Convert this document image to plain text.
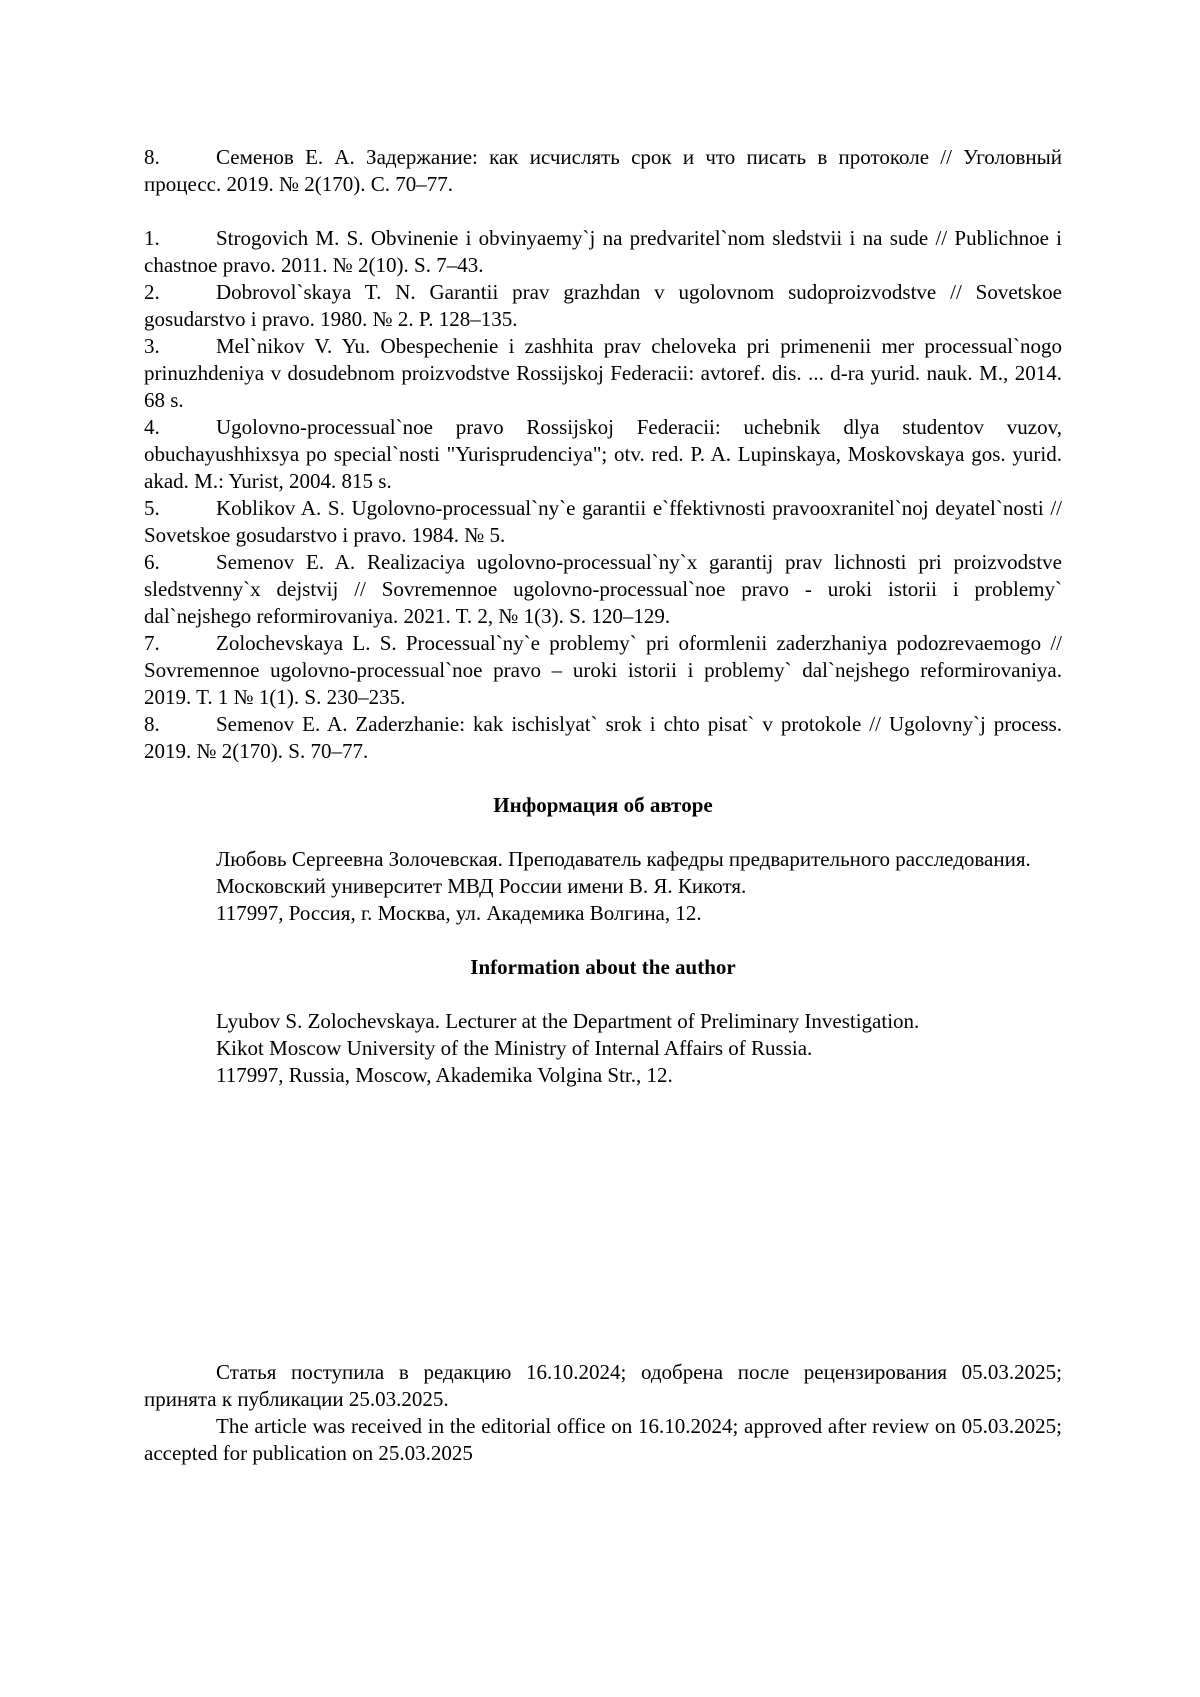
8.	Семенов Е. А. Задержание: как исчислять срок и что писать в протоколе // Уголовный процесс. 2019. № 2(170). С. 70–77.

1.	Strogovich M. S. Obvinenie i obvinyaemy`j na predvaritel`nom sledstvii i na sude // Publichnoe i chastnoe pravo. 2011. № 2(10). S. 7–43.

2.	Dobrovol`skaya T. N. Garantii prav grazhdan v ugolovnom sudoproizvodstve // Sovetskoe gosudarstvo i pravo. 1980. № 2. P. 128–135.

3.	Mel`nikov V. Yu. Obespechenie i zashhita prav cheloveka pri primenenii mer processual`nogo prinuzhdeniya v dosudebnom proizvodstve Rossijskoj Federacii: avtoref. dis. ... d-ra yurid. nauk. M., 2014. 68 s.

4.	Ugolovno-processual`noe pravo Rossijskoj Federacii: uchebnik dlya studentov vuzov, obuchayushhixsya po special`nosti "Yurisprudenciya"; otv. red. P. A. Lupinskaya, Moskovskaya gos. yurid. akad. M.: Yurist, 2004. 815 s.

5.	Koblikov A. S. Ugolovno-processual`ny`e garantii e`ffektivnosti pravooxranitel`noj deyatel`nosti // Sovetskoe gosudarstvo i pravo. 1984. № 5.

6.	Semenov E. A. Realizaciya ugolovno-processual`ny`x garantij prav lichnosti pri proizvodstve sledstvenny`x dejstvij // Sovremennoe ugolovno-processual`noe pravo - uroki istorii i problemy` dal`nejshego reformirovaniya. 2021. T. 2, № 1(3). S. 120–129.

7.	Zolochevskaya L. S. Processual`ny`e problemy` pri oformlenii zaderzhaniya podozrevaemogo // Sovremennoe ugolovno-processual`noe pravo – uroki istorii i problemy` dal`nejshego reformirovaniya. 2019. T. 1 № 1(1). S. 230–235.

8.	Semenov E. A. Zaderzhanie: kak ischislyat` srok i chto pisat` v protokole // Ugolovny`j process. 2019. № 2(170). S. 70–77.

Информация об авторе

Любовь Сергеевна Золочевская. Преподаватель кафедры предварительного расследования.

Московский университет МВД России имени В. Я. Кикотя.

117997, Россия, г. Москва, ул. Академика Волгина, 12.

Information about the author

Lyubov S. Zolochevskaya. Lecturer at the Department of Preliminary Investigation.

Kikot Moscow University of the Ministry of Internal Affairs of Russia.

117997, Russia, Moscow, Akademika Volgina Str., 12.

Статья поступила в редакцию 16.10.2024; одобрена после рецензирования 05.03.2025; принята к публикации 25.03.2025.

The article was received in the editorial office on 16.10.2024; approved after review on 05.03.2025; accepted for publication on 25.03.2025
